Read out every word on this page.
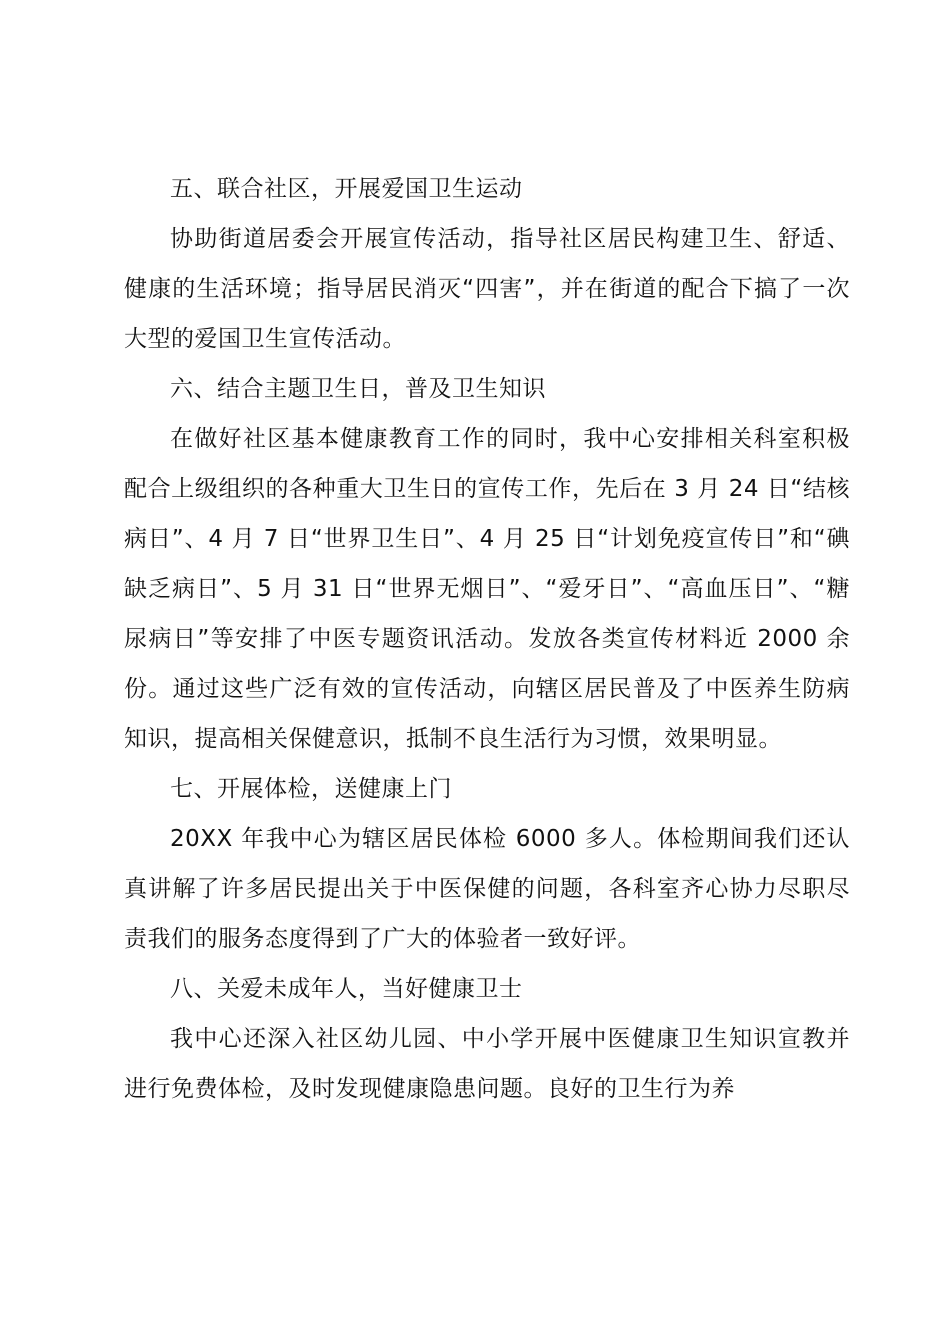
五、联合社区，开展爱国卫生运动

协助街道居委会开展宣传活动，指导社区居民构建卫生、舒适、健康的生活环境；指导居民消灭“四害”，并在街道的配合下搞了一次大型的爱国卫生宣传活动。

六、结合主题卫生日，普及卫生知识

在做好社区基本健康教育工作的同时，我中心安排相关科室积极配合上级组织的各种重大卫生日的宣传工作，先后在 3 月 24 日“结核病日”、4 月 7 日“世界卫生日”、4 月 25 日“计划免疫宣传日”和“碘缺乏病日”、5 月 31 日“世界无烟日”、“爱牙日”、“高血压日”、“糖尿病日”等安排了中医专题资讯活动。发放各类宣传材料近 2000 余份。通过这些广泛有效的宣传活动，向辖区居民普及了中医养生防病知识，提高相关保健意识，抵制不良生活行为习惯，效果明显。

七、开展体检，送健康上门

20XX 年我中心为辖区居民体检 6000 多人。体检期间我们还认真讲解了许多居民提出关于中医保健的问题，各科室齐心协力尽职尽责我们的服务态度得到了广大的体验者一致好评。

八、关爱未成年人，当好健康卫士

我中心还深入社区幼儿园、中小学开展中医健康卫生知识宣教并进行免费体检，及时发现健康隐患问题。良好的卫生行为养
